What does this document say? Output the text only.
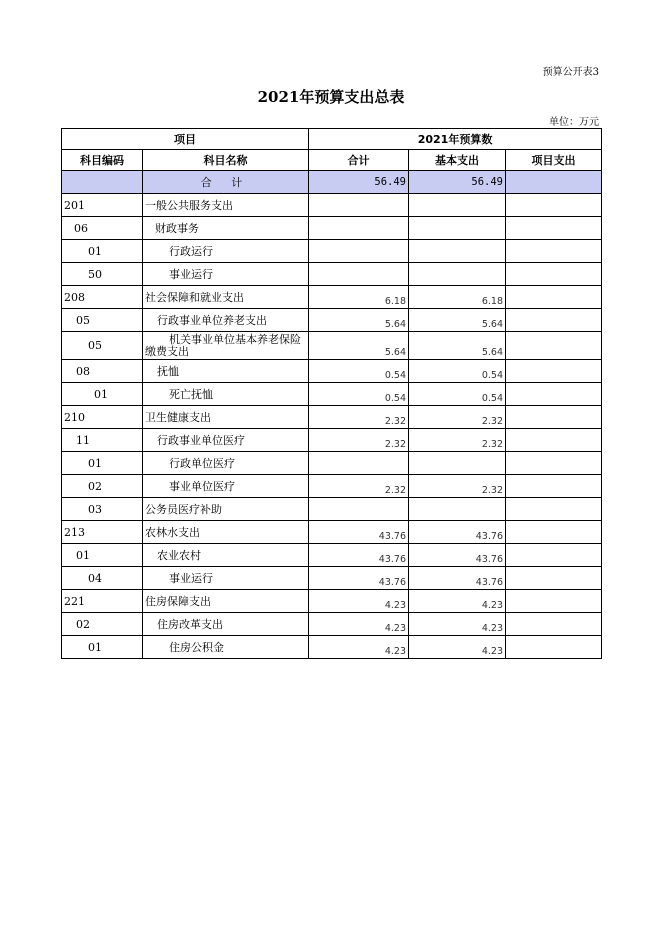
预算公开表3
2021年预算支出总表
单位：万元
项目		2021年预算数		
科目编码	科目名称	合计	基本支出	项目支出
	合 计	56.49	56.49	
201	一般公共服务支出			
06	财政事务			
01	行政运行			
50	事业运行			
208	社会保障和就业支出	6.18	6.18	
05	行政事业单位养老支出	5.64	5.64	
05	机关事业单位基本养老保险缴费支出	5.64	5.64	
08	抚恤	0.54	0.54	
01	死亡抚恤	0.54	0.54	
210	卫生健康支出	2.32	2.32	
11	行政事业单位医疗	2.32	2.32	
01	行政单位医疗			
02	事业单位医疗	2.32	2.32	
03	公务员医疗补助			
213	农林水支出	43.76	43.76	
01	农业农村	43.76	43.76	
04	事业运行	43.76	43.76	
221	住房保障支出	4.23	4.23	
02	住房改革支出	4.23	4.23	
01	住房公积金	4.23	4.23	
